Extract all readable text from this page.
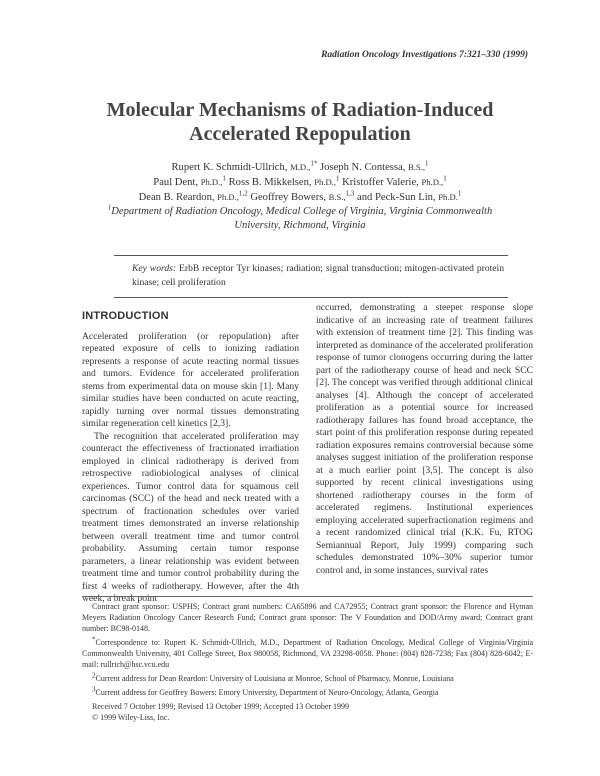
Radiation Oncology Investigations 7:321–330 (1999)
Molecular Mechanisms of Radiation-Induced
Accelerated Repopulation
Rupert K. Schmidt-Ullrich, M.D.,$^{1*}$ Joseph N. Contessa, B.S.,$^1$
Paul Dent, Ph.D.,$^1$ Ross B. Mikkelsen, Ph.D.,$^1$ Kristoffer Valerie, Ph.D.,$^1$
Dean B. Reardon, Ph.D.,$^{1,2}$ Geoffrey Bowers, B.S.,$^{1,3}$ and Peck-Sun Lin, Ph.D.$^1$
$^1$Department of Radiation Oncology, Medical College of Virginia, Virginia Commonwealth
University, Richmond, Virginia
Key words: ErbB receptor Tyr kinases; radiation; signal transduction; mitogen-activated protein kinase; cell proliferation
INTRODUCTION

Accelerated proliferation (or repopulation) after repeated exposure of cells to ionizing radiation represents a response of acute reacting normal tissues and tumors. Evidence for accelerated proliferation stems from experimental data on mouse skin [1]. Many similar studies have been conducted on acute reacting, rapidly turning over normal tissues demonstrating similar regeneration cell kinetics [2,3].

The recognition that accelerated proliferation may counteract the effectiveness of fractionated irradiation employed in clinical radiotherapy is derived from retrospective radiobiological analyses of clinical experiences. Tumor control data for squamous cell carcinomas (SCC) of the head and neck treated with a spectrum of fractionation schedules over varied treatment times demonstrated an inverse relationship between overall treatment time and tumor control probability. Assuming certain tumor response parameters, a linear relationship was evident between treatment time and tumor control probability during the first 4 weeks of radiotherapy. However, after the 4th week, a break point

occurred, demonstrating a steeper response slope indicative of an increasing rate of treatment failures with extension of treatment time [2]. This finding was interpreted as dominance of the accelerated proliferation response of tumor clonogens occurring during the latter part of the radiotherapy course of head and neck SCC [2]. The concept was verified through additional clinical analyses [4]. Although the concept of accelerated proliferation as a potential source for increased radiotherapy failures has found broad acceptance, the start point of this proliferation response during repeated radiation exposures remains controversial because some analyses suggest initiation of the proliferation response at a much earlier point [3,5]. The concept is also supported by recent clinical investigations using shortened radiotherapy courses in the form of accelerated regimens. Institutional experiences employing accelerated superfractionation regimens and a recent randomized clinical trial (K.K. Fu, RTOG Semiannual Report, July 1999) comparing such schedules demonstrated 10%–30% superior tumor control and, in some instances, survival rates

Contract grant sponsor: USPHS; Contract grant numbers: CA65896 and CA72955; Contract grant sponsor: the Florence and Hyman Meyers Radiation Oncology Cancer Research Fund; Contract grant sponsor: The V Foundation and DOD/Army award; Contract grant number: BC98-0148.

*Correspondence to: Rupert K. Schmidt-Ullrich, M.D., Department of Radiation Oncology, Medical College of Virginia/Virginia Commonwealth University, 401 College Street, Box 980058, Richmond, VA 23298-0058. Phone: (804) 828-7238; Fax (804) 828-6042; E-mail: rullrich@hsc.vcu.edu

2Current address for Dean Reardon: University of Louisiana at Monroe, School of Pharmacy, Monroe, Louisiana

3Current address for Geoffrey Bowers: Emory University, Department of Neuro-Oncology, Atlanta, Georgia

Received 7 October 1999; Revised 13 October 1999; Accepted 13 October 1999

© 1999 Wiley-Liss, Inc.
